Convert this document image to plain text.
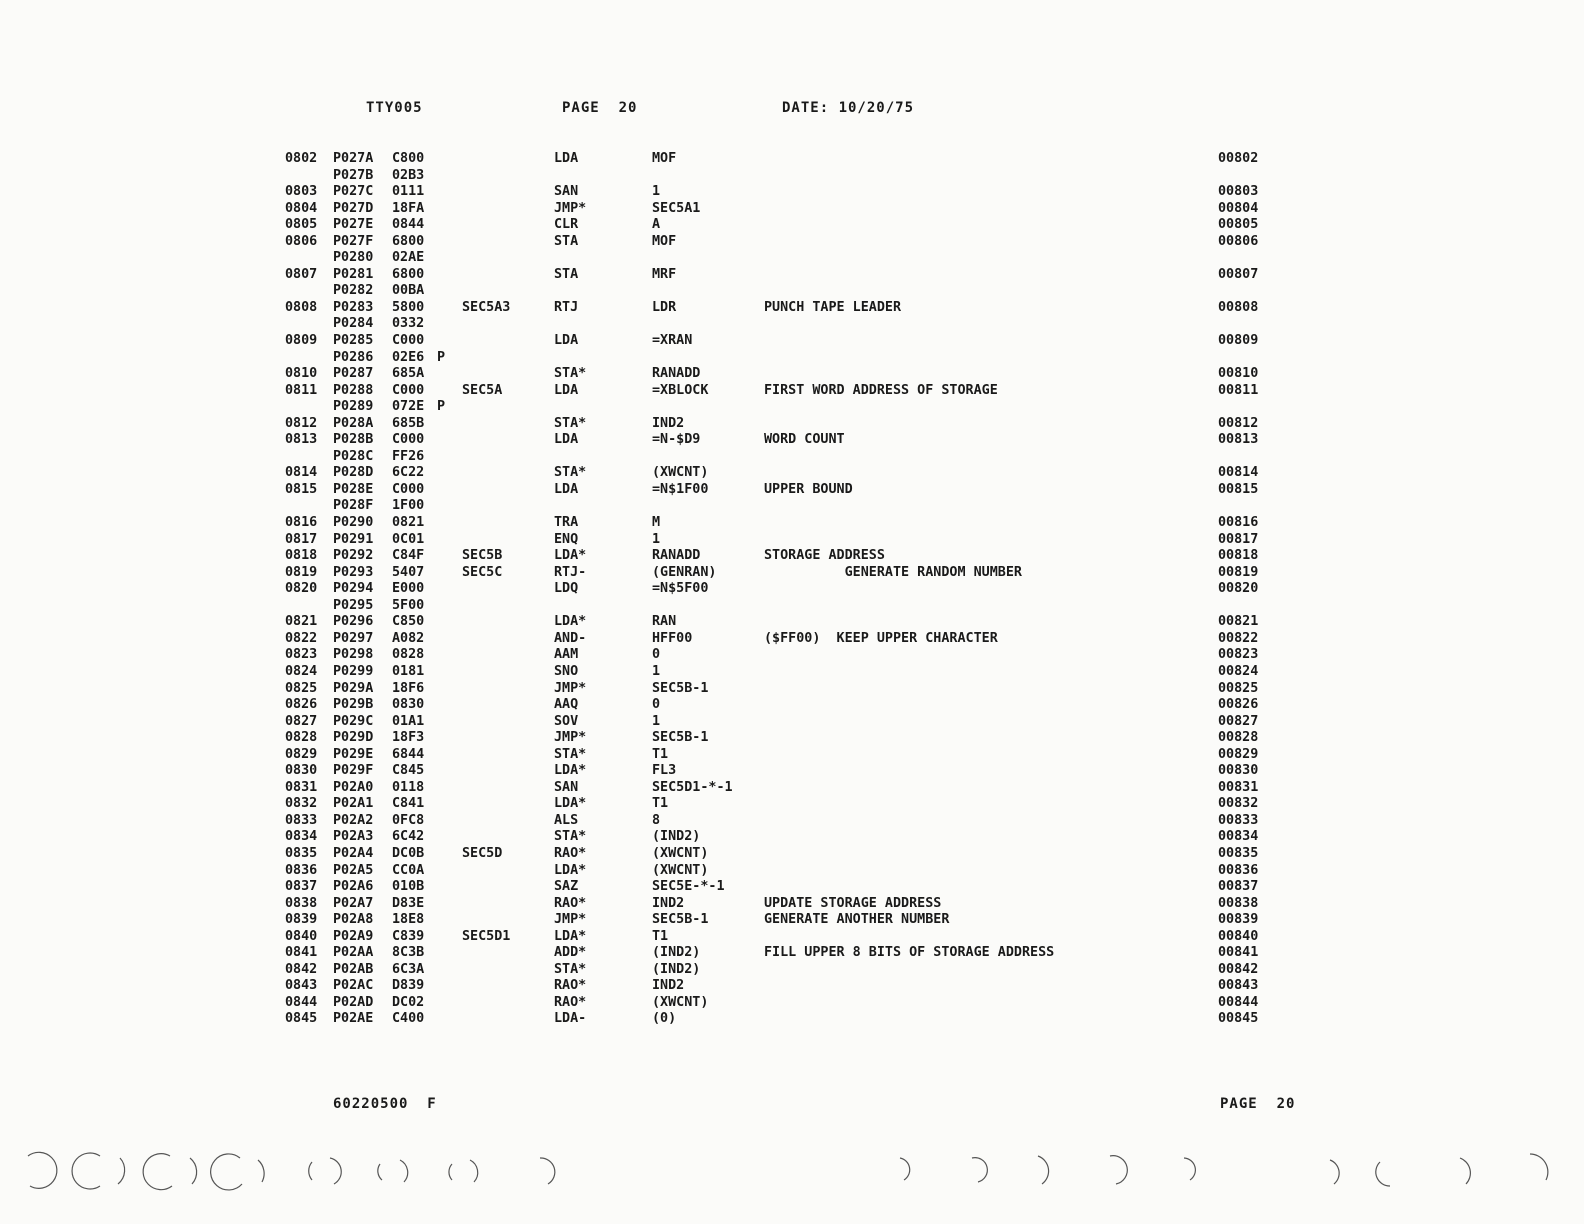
TTY005	PAGE  20	DATE: 10/20/75
0802 P027A C800	LDA	MOF	00802
P027B 02B3
0803 P027C 0111	SAN	1	00803
0804 P027D 18FA	JMP*	SEC5A1	00804
0805 P027E 0844	CLR	A	00805
0806 P027F 6800	STA	MOF	00806
P0280 02AE
0807 P0281 6800	STA	MRF	00807
P0282 00BA
0808 P0283 5800	SEC5A3	RTJ	LDR	PUNCH TAPE LEADER	00808
P0284 0332
0809 P0285 C000	LDA	=XRAN	00809
P0286 02E6 P
0810 P0287 685A	STA*	RANADD	00810
0811 P0288 C000	SEC5A	LDA	=XBLOCK	FIRST WORD ADDRESS OF STORAGE	00811
P0289 072E P
0812 P028A 685B	STA*	IND2	00812
0813 P028B C000	LDA	=N-$D9	WORD COUNT	00813
P028C FF26
0814 P028D 6C22	STA*	(XWCNT)	00814
0815 P028E C000	LDA	=N$1F00	UPPER BOUND	00815
P028F 1F00
0816 P0290 0821	TRA	M	00816
0817 P0291 0C01	ENQ	1	00817
0818 P0292 C84F	SEC5B	LDA*	RANADD	STORAGE ADDRESS	00818
0819 P0293 5407	SEC5C	RTJ-	(GENRAN)	GENERATE RANDOM NUMBER	00819
0820 P0294 E000	LDQ	=N$5F00	00820
P0295 5F00
0821 P0296 C850	LDA*	RAN	00821
0822 P0297 A082	AND-	HFF00	($FF00)  KEEP UPPER CHARACTER	00822
0823 P0298 0828	AAM	0	00823
0824 P0299 0181	SNO	1	00824
0825 P029A 18F6	JMP*	SEC5B-1	00825
0826 P029B 0830	AAQ	0	00826
0827 P029C 01A1	SOV	1	00827
0828 P029D 18F3	JMP*	SEC5B-1	00828
0829 P029E 6844	STA*	T1	00829
0830 P029F C845	LDA*	FL3	00830
0831 P02A0 0118	SAN	SEC5D1-*-1	00831
0832 P02A1 C841	LDA*	T1	00832
0833 P02A2 0FC8	ALS	8	00833
0834 P02A3 6C42	STA*	(IND2)	00834
0835 P02A4 DC0B	SEC5D	RAO*	(XWCNT)	00835
0836 P02A5 CC0A	LDA*	(XWCNT)	00836
0837 P02A6 010B	SAZ	SEC5E-*-1	00837
0838 P02A7 D83E	RAO*	IND2	UPDATE STORAGE ADDRESS	00838
0839 P02A8 18E8	JMP*	SEC5B-1	GENERATE ANOTHER NUMBER	00839
0840 P02A9 C839	SEC5D1	LDA*	T1	00840
0841 P02AA 8C3B	ADD*	(IND2)	FILL UPPER 8 BITS OF STORAGE ADDRESS	00841
0842 P02AB 6C3A	STA*	(IND2)	00842
0843 P02AC D839	RAO*	IND2	00843
0844 P02AD DC02	RAO*	(XWCNT)	00844
0845 P02AE C400	LDA-	(0)	00845
60220500  F	PAGE  20
